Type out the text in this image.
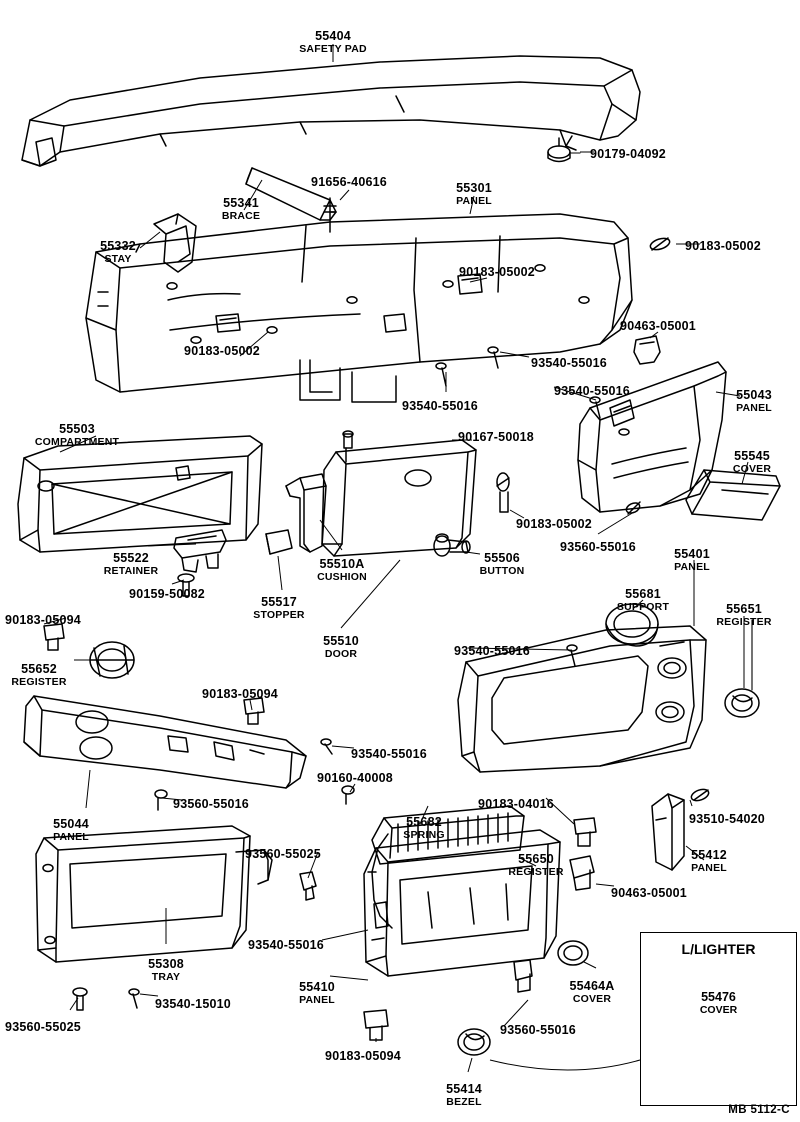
L/LIGHTER
55476
COVER
MB 5112-C
55404
SAFETY PAD
90179-04092
91656-40616	55301
PANEL
55341
BRACE
55332
STAY
90183-05002
90183-05002
90463-05001
90183-05002
93540-55016
93540-55016	55043
PANEL
93540-55016
55503
COMPARTMENT	90167-50018
55545
COVER
90183-05002
93560-55016	55401
PANEL
55522
RETAINER	55510A
CUSHION
55506
BUTTON
55517
STOPPER
90159-50082	55681
SUPPORT	55651
REGISTER
90183-05094
55510
DOOR	93540-55016
55652
REGISTER
90183-05094
93540-55016
90160-40008
55682
SPRING
90183-04016
93510-54020
93560-55016
55044
PANEL
55650
REGISTER
55412
PANEL
93560-55025
90463-05001
93540-55016
55308
TRAY
55464A
COVER
55410
PANEL
93540-15010
93560-55016
93560-55025
90183-05094
55414
BEZEL
